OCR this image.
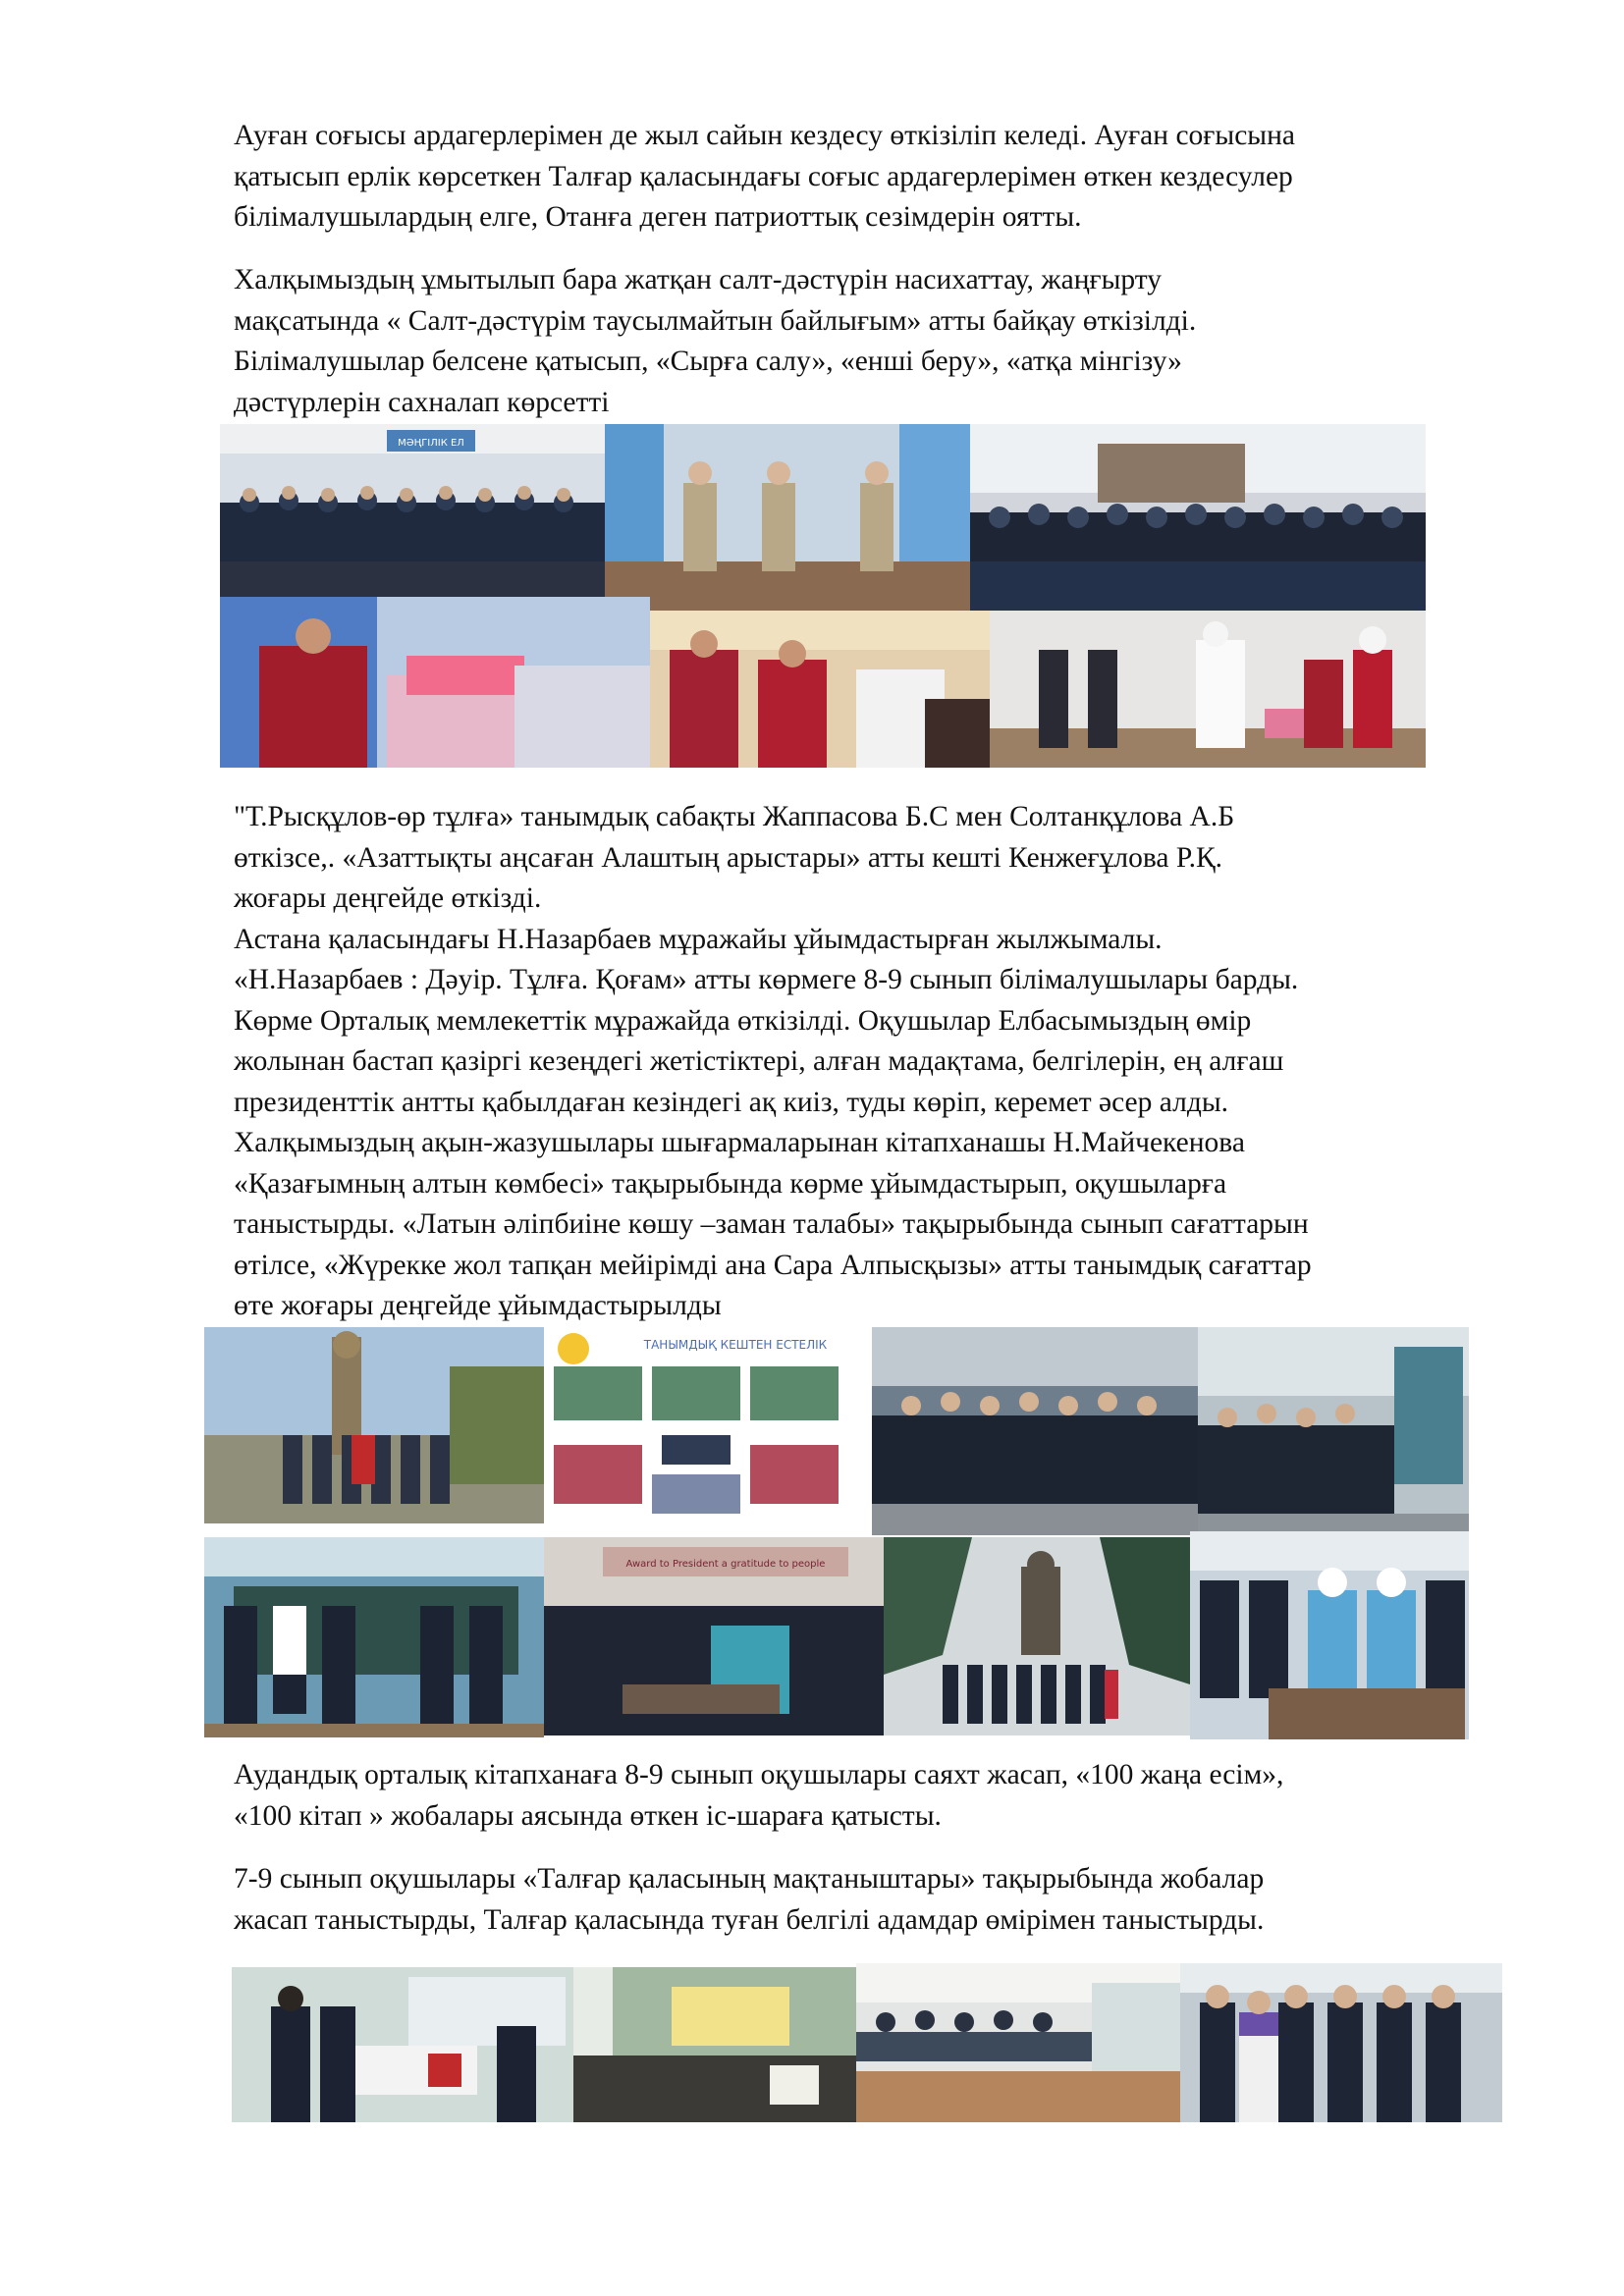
Ауған соғысы ардагерлерімен де жыл сайын кездесу өткізіліп келеді. Ауған соғысына
қатысып ерлік көрсеткен Талғар қаласындағы соғыс ардагерлерімен өткен кездесулер
білімалушылардың елге, Отанға деген патриоттық сезімдерін оятты.
Халқымыздың ұмытылып бара жатқан салт-дәстүрін насихаттау, жаңғырту
мақсатында « Салт-дәстүрім таусылмайтын байлығым» атты байқау өткізілді.
Білімалушылар белсене қатысып, «Сырға салу», «енші беру», «атқа мінгізу»
дәстүрлерін сахналап көрсетті
МӘҢГІЛІК ЕЛ
"Т.Рысқұлов-өр тұлға» танымдық сабақты Жаппасова Б.С мен Солтанқұлова А.Б
өткізсе,. «Азаттықты аңсаған Алаштың арыстары» атты кешті Кенжеғұлова Р.Қ.
жоғары деңгейде өткізді.
Астана қаласындағы Н.Назарбаев мұражайы ұйымдастырған жылжымалы.
«Н.Назарбаев : Дәуір. Тұлға. Қоғам» атты көрмеге 8-9 сынып білімалушылары барды.
Көрме Орталық мемлекеттік мұражайда өткізілді. Оқушылар Елбасымыздың өмір
жолынан бастап қазіргі кезеңдегі жетістіктері, алған мадақтама, белгілерін, ең алғаш
президенттік антты қабылдаған кезіндегі ақ киіз, туды көріп, керемет әсер алды.
Халқымыздың ақын-жазушылары шығармаларынан кітапханашы Н.Майчекенова
«Қазағымның алтын көмбесі» тақырыбында көрме ұйымдастырып, оқушыларға
таныстырды. «Латын әліпбиіне көшу –заман талабы» тақырыбында сынып сағаттарын
өтілсе, «Жүрекке жол тапқан мейірімді ана Сара Алпысқызы» атты танымдық сағаттар
өте жоғары деңгейде ұйымдастырылды
ТАНЫМДЫҚ КЕШТЕН ЕСТЕЛІК
Award to President a gratitude to people
Аудандық орталық кітапханаға 8-9 сынып оқушылары саяхт жасап, «100 жаңа есім»,
«100 кітап » жобалары аясында өткен іс-шараға қатысты.
7-9 сынып оқушылары «Талғар қаласының мақтаныштары» тақырыбында жобалар
жасап таныстырды, Талғар қаласында туған белгілі адамдар өмірімен таныстырды.
